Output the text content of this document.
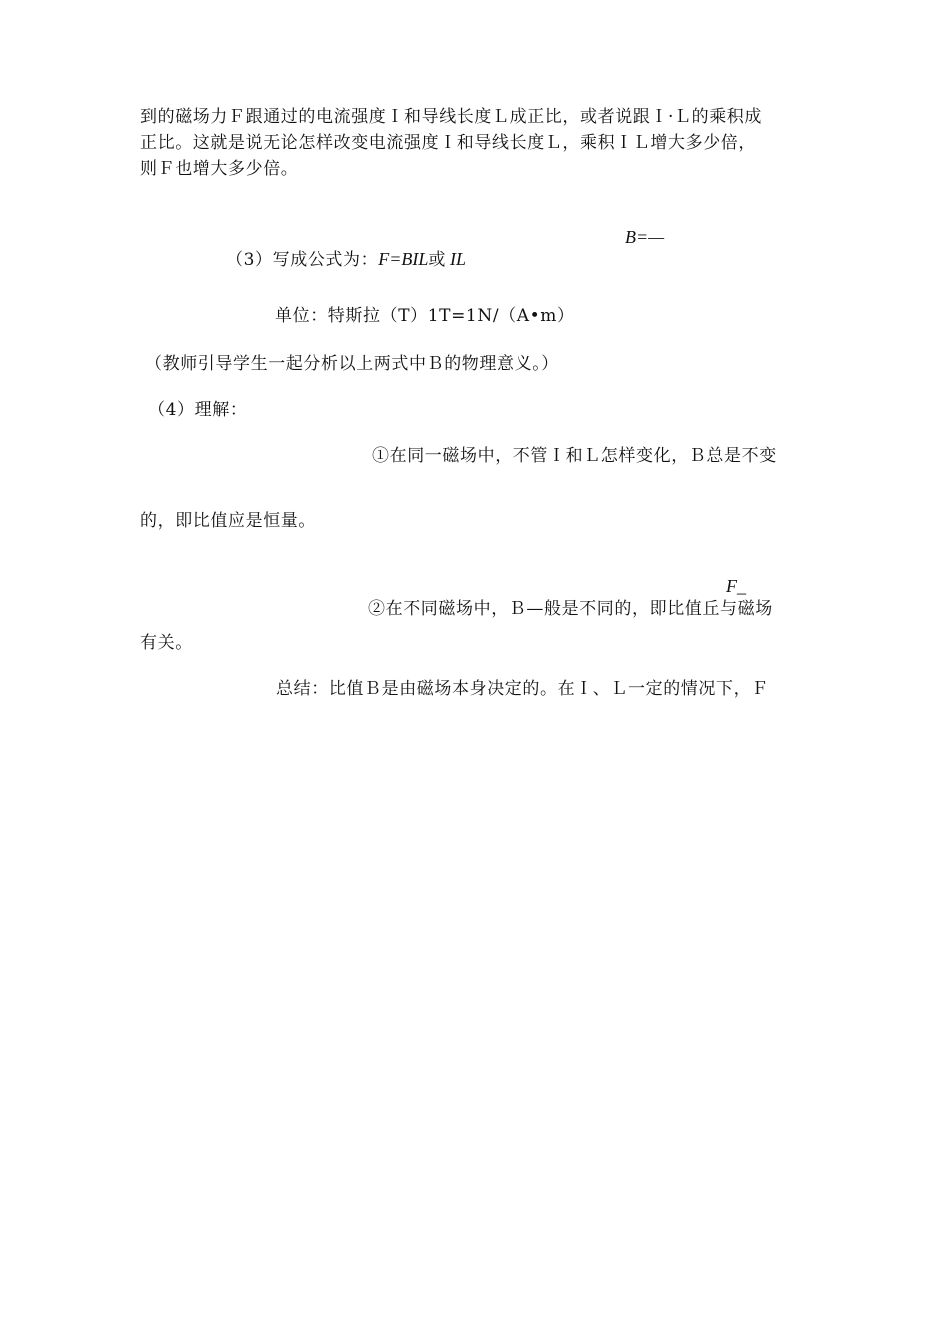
到的磁场力Ｆ跟通过的电流强度Ｉ和导线长度Ｌ成正比，或者说跟Ｉ·Ｌ的乘积成
正比。这就是说无论怎样改变电流强度Ｉ和导线长度Ｌ，乘积ＩＬ增大多少倍，
则Ｆ也增大多少倍。
B=—
（3）写成公式为：F=BIL或 IL
单位：特斯拉（T）1T=1N/（A•m）
（教师引导学生一起分析以上两式中Ｂ的物理意义。）
（4）理解：
①在同一磁场中，不管Ｉ和Ｌ怎样变化，Ｂ总是不变
的，即比值应是恒量。
F_
②在不同磁场中，Ｂ—般是不同的，即比值丘与磁场
有关。
总结：比值Ｂ是由磁场本身决定的。在Ｉ、Ｌ一定的情况下，Ｆ
